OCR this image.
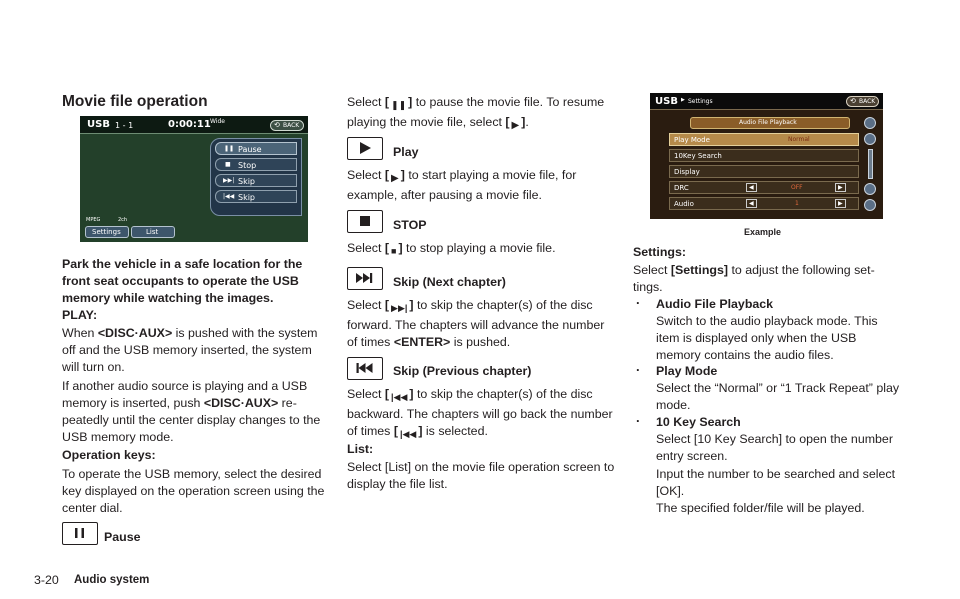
Movie file operation
USB 1 - 1	0:00:11 Wide	⟲ BACK
❚❚ Pause
■ Stop
▶▶| Skip
|◀◀ Skip
MPEG	2ch
Settings	List
Park the vehicle in a safe location for the front seat occupants to operate the USB memory while watching the images.
PLAY:
When <DISC·AUX> is pushed with the system off and the USB memory inserted, the system will turn on.
If another audio source is playing and a USB memory is inserted, push <DISC·AUX> re-peatedly until the center display changes to the USB memory mode.
Operation keys:
To operate the USB memory, select the desired key displayed on the operation screen using the center dial.
Pause
Select [ ❚❚ ] to pause the movie file. To resume playing the movie file, select [ ▶ ].
Play
Select [ ▶ ] to start playing a movie file, for example, after pausing a movie file.
STOP
Select [ ■ ] to stop playing a movie file.
Skip (Next chapter)
Select [ ▶▶| ] to skip the chapter(s) of the disc forward. The chapters will advance the number of times <ENTER> is pushed.
Skip (Previous chapter)
Select [ |◀◀ ] to skip the chapter(s) of the disc backward. The chapters will go back the number of times [ |◀◀ ] is selected.
List:
Select [List] on the movie file operation screen to display the file list.
USB ▶ Settings	⟲ BACK
Audio File Playback
Play Mode	Normal
10Key Search
Display
DRC	◀	OFF	▶
Audio	◀	1	▶
Example
Settings:
Select [Settings] to adjust the following set-tings.
. Audio File Playback
Switch to the audio playback mode. This item is displayed only when the USB memory contains the audio files.
. Play Mode
Select the “Normal” or “1 Track Repeat” play mode.
. 10 Key Search
Select [10 Key Search] to open the number entry screen.
Input the number to be searched and select [OK].
The specified folder/file will be played.
3-20 Audio system
